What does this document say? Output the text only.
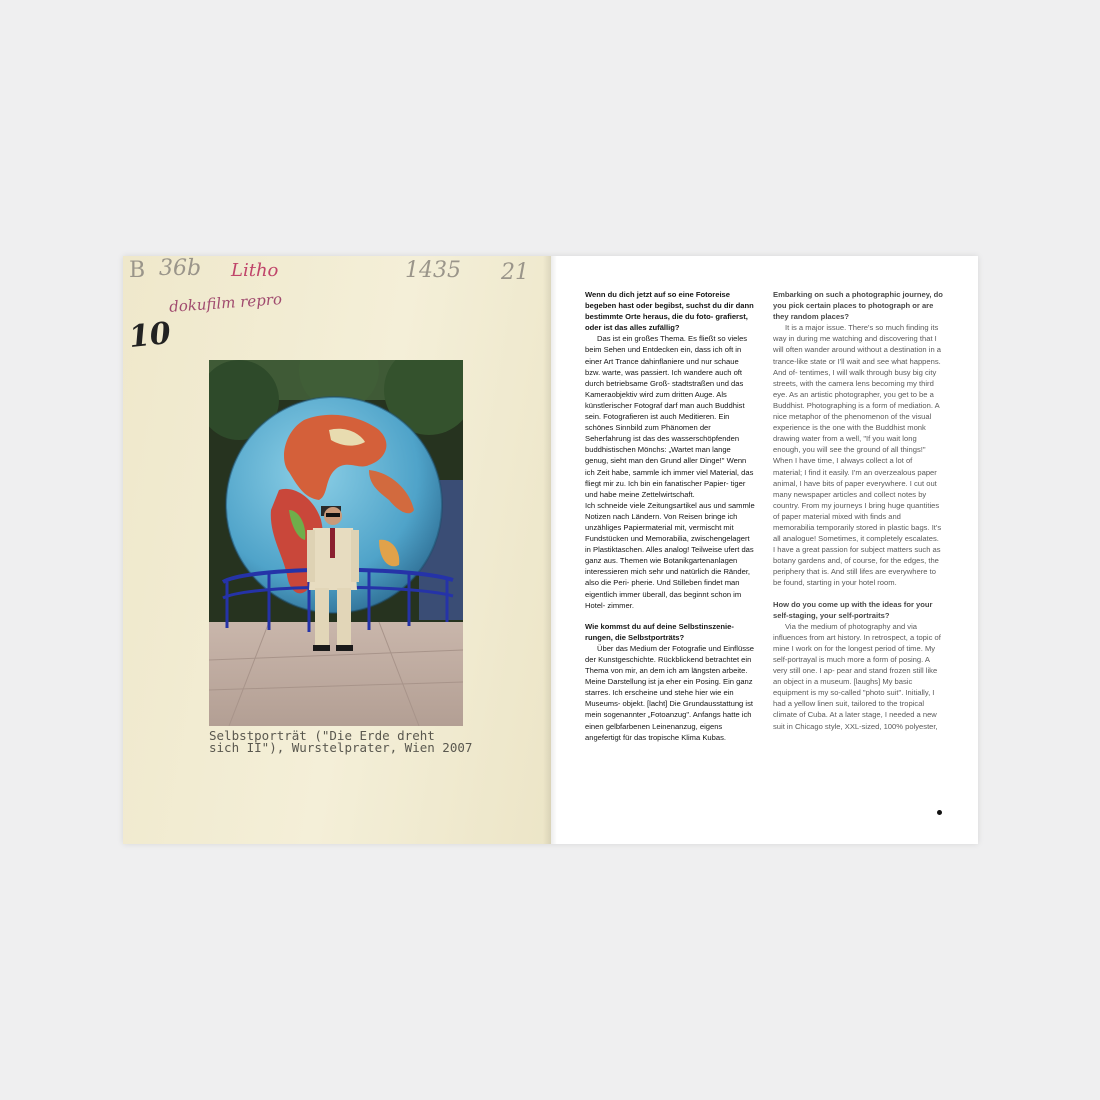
B 36b Litho	1435 21
dokufilm repro
10
Selbstporträt ("Die Erde dreht
sich II"), Wurstelprater, Wien 2007

Wenn du dich jetzt auf so eine Fotoreise begeben hast oder begibst, suchst du dir dann bestimmte Orte heraus, die du foto- grafierst, oder ist das alles zufällig?

Das ist ein großes Thema. Es fließt so vieles beim Sehen und Entdecken ein, dass ich oft in einer Art Trance dahinflaniere und nur schaue bzw. warte, was passiert. Ich wandere auch oft durch betriebsame Groß- stadtstraßen und das Kameraobjektiv wird zum dritten Auge. Als künstlerischer Fotograf darf man auch Buddhist sein. Fotografieren ist auch Meditieren. Ein schönes Sinnbild zum Phänomen der Seherfahrung ist das des wasserschöpfenden buddhistischen Mönchs: „Wartet man lange genug, sieht man den Grund aller Dinge!" Wenn ich Zeit habe, sammle ich immer viel Material, das fliegt mir zu. Ich bin ein fanatischer Papier- tiger und habe meine Zettelwirtschaft.

Ich schneide viele Zeitungsartikel aus und sammle Notizen nach Ländern. Von Reisen bringe ich unzähliges Papiermaterial mit, vermischt mit Fundstücken und Memorabilia, zwischengelagert in Plastiktaschen. Alles analog! Teilweise ufert das ganz aus. Themen wie Botanikgartenanlagen interessieren mich sehr und natürlich die Ränder, also die Peri- pherie. Und Stilleben findet man eigentlich immer überall, das beginnt schon im Hotel- zimmer.

Wie kommst du auf deine Selbstinszenie- rungen, die Selbstporträts?

Über das Medium der Fotografie und Einflüsse der Kunstgeschichte. Rückblickend betrachtet ein Thema von mir, an dem ich am längsten arbeite. Meine Darstellung ist ja eher ein Posing. Ein ganz starres. Ich erscheine und stehe hier wie ein Museums- objekt. [lacht] Die Grundausstattung ist mein sogenannter „Fotoanzug". Anfangs hatte ich einen gelbfarbenen Leinenanzug, eigens angefertigt für das tropische Klima Kubas.

Embarking on such a photographic journey, do you pick certain places to photograph or are they random places?

It is a major issue. There's so much finding its way in during me watching and discovering that I will often wander around without a destination in a trance-like state or I'll wait and see what happens. And of- tentimes, I will walk through busy big city streets, with the camera lens becoming my third eye. As an artistic photographer, you get to be a Buddhist. Photographing is a form of mediation. A nice metaphor of the phenomenon of the visual experience is the one with the Buddhist monk drawing water from a well, "If you wait long enough, you will see the ground of all things!" When I have time, I always collect a lot of material; I find it easily. I'm an overzealous paper animal, I have bits of paper everywhere. I cut out many newspaper articles and collect notes by country. From my journeys I bring huge quantities of paper material mixed with finds and memorabilia temporarily stored in plastic bags. It's all analogue! Sometimes, it completely escalates. I have a great passion for subject matters such as botany gardens and, of course, for the edges, the periphery that is. And still lifes are everywhere to be found, starting in your hotel room.

How do you come up with the ideas for your self-staging, your self-portraits?

Via the medium of photography and via influences from art history. In retrospect, a topic of mine I work on for the longest period of time. My self-portrayal is much more a form of posing. A very still one. I ap- pear and stand frozen still like an object in a museum. [laughs] My basic equipment is my so-called "photo suit". Initially, I had a yellow linen suit, tailored to the tropical climate of Cuba. At a later stage, I needed a new suit in Chicago style, XXL-sized, 100% polyester,
